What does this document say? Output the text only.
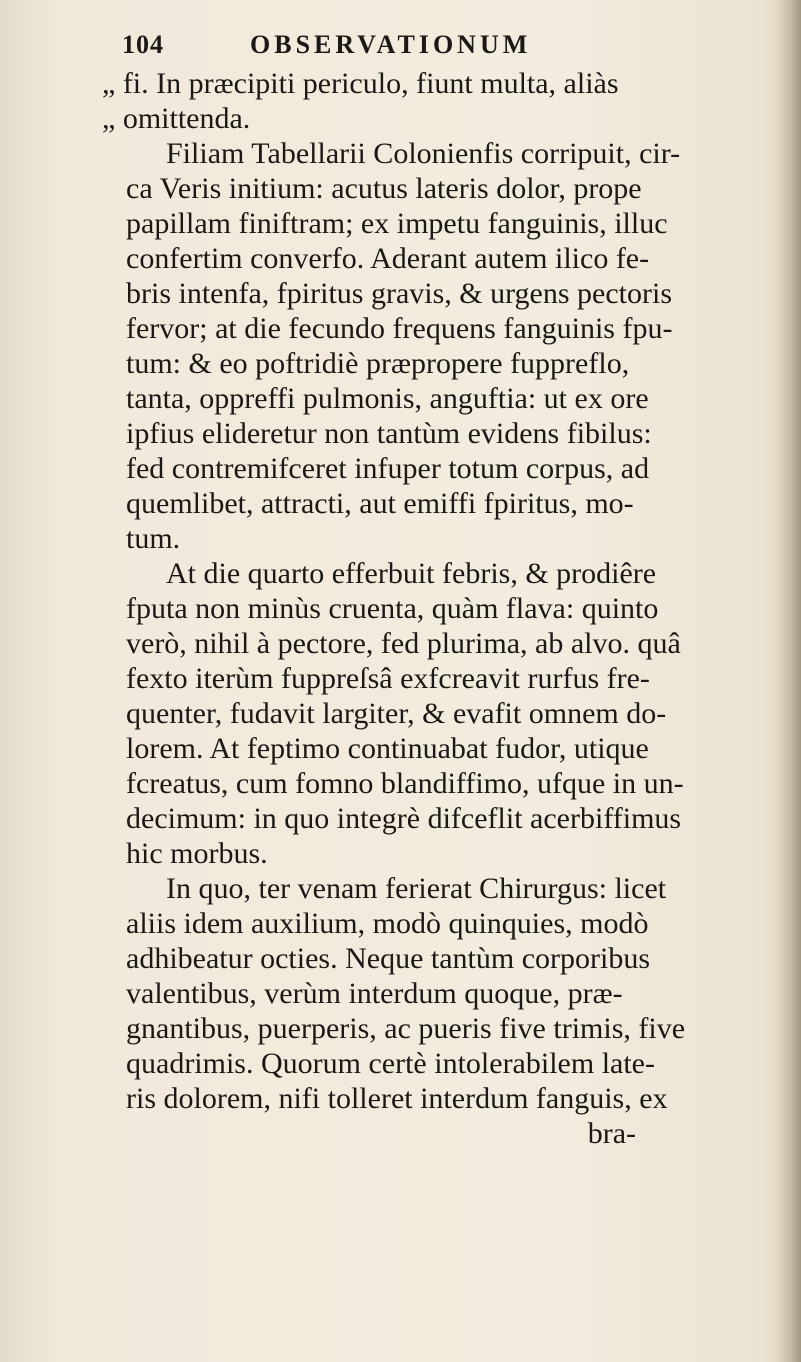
104	OBSERVATIONUM
„ fi. In præcipiti periculo, fiunt multa, aliàs
„ omittenda.
Filiam Tabellarii Colonienfis corripuit, cir-
ca Veris initium: acutus lateris dolor, prope
papillam finiftram; ex impetu fanguinis, illuc
confertim converfo. Aderant autem ilico fe-
bris intenfa, fpiritus gravis, & urgens pectoris
fervor; at die fecundo frequens fanguinis fpu-
tum: & eo poftridiè præpropere fuppreflo,
tanta, oppreffi pulmonis, anguftia: ut ex ore
ipfius elideretur non tantùm evidens fibilus:
fed contremifceret infuper totum corpus, ad
quemlibet, attracti, aut emiffi fpiritus, mo-
tum.
At die quarto efferbuit febris, & prodiêre
fputa non minùs cruenta, quàm flava: quinto
verò, nihil à pectore, fed plurima, ab alvo. quâ
fexto iterùm fuppreſsâ exfcreavit rurfus fre-
quenter, fudavit largiter, & evafit omnem do-
lorem. At feptimo continuabat fudor, utique
fcreatus, cum fomno blandiffimo, ufque in un-
decimum: in quo integrè difceflit acerbiffimus
hic morbus.
In quo, ter venam ferierat Chirurgus: licet
aliis idem auxilium, modò quinquies, modò
adhibeatur octies. Neque tantùm corporibus
valentibus, verùm interdum quoque, præ-
gnantibus, puerperis, ac pueris five trimis, five
quadrimis. Quorum certè intolerabilem late-
ris dolorem, nifi tolleret interdum fanguis, ex
bra-
